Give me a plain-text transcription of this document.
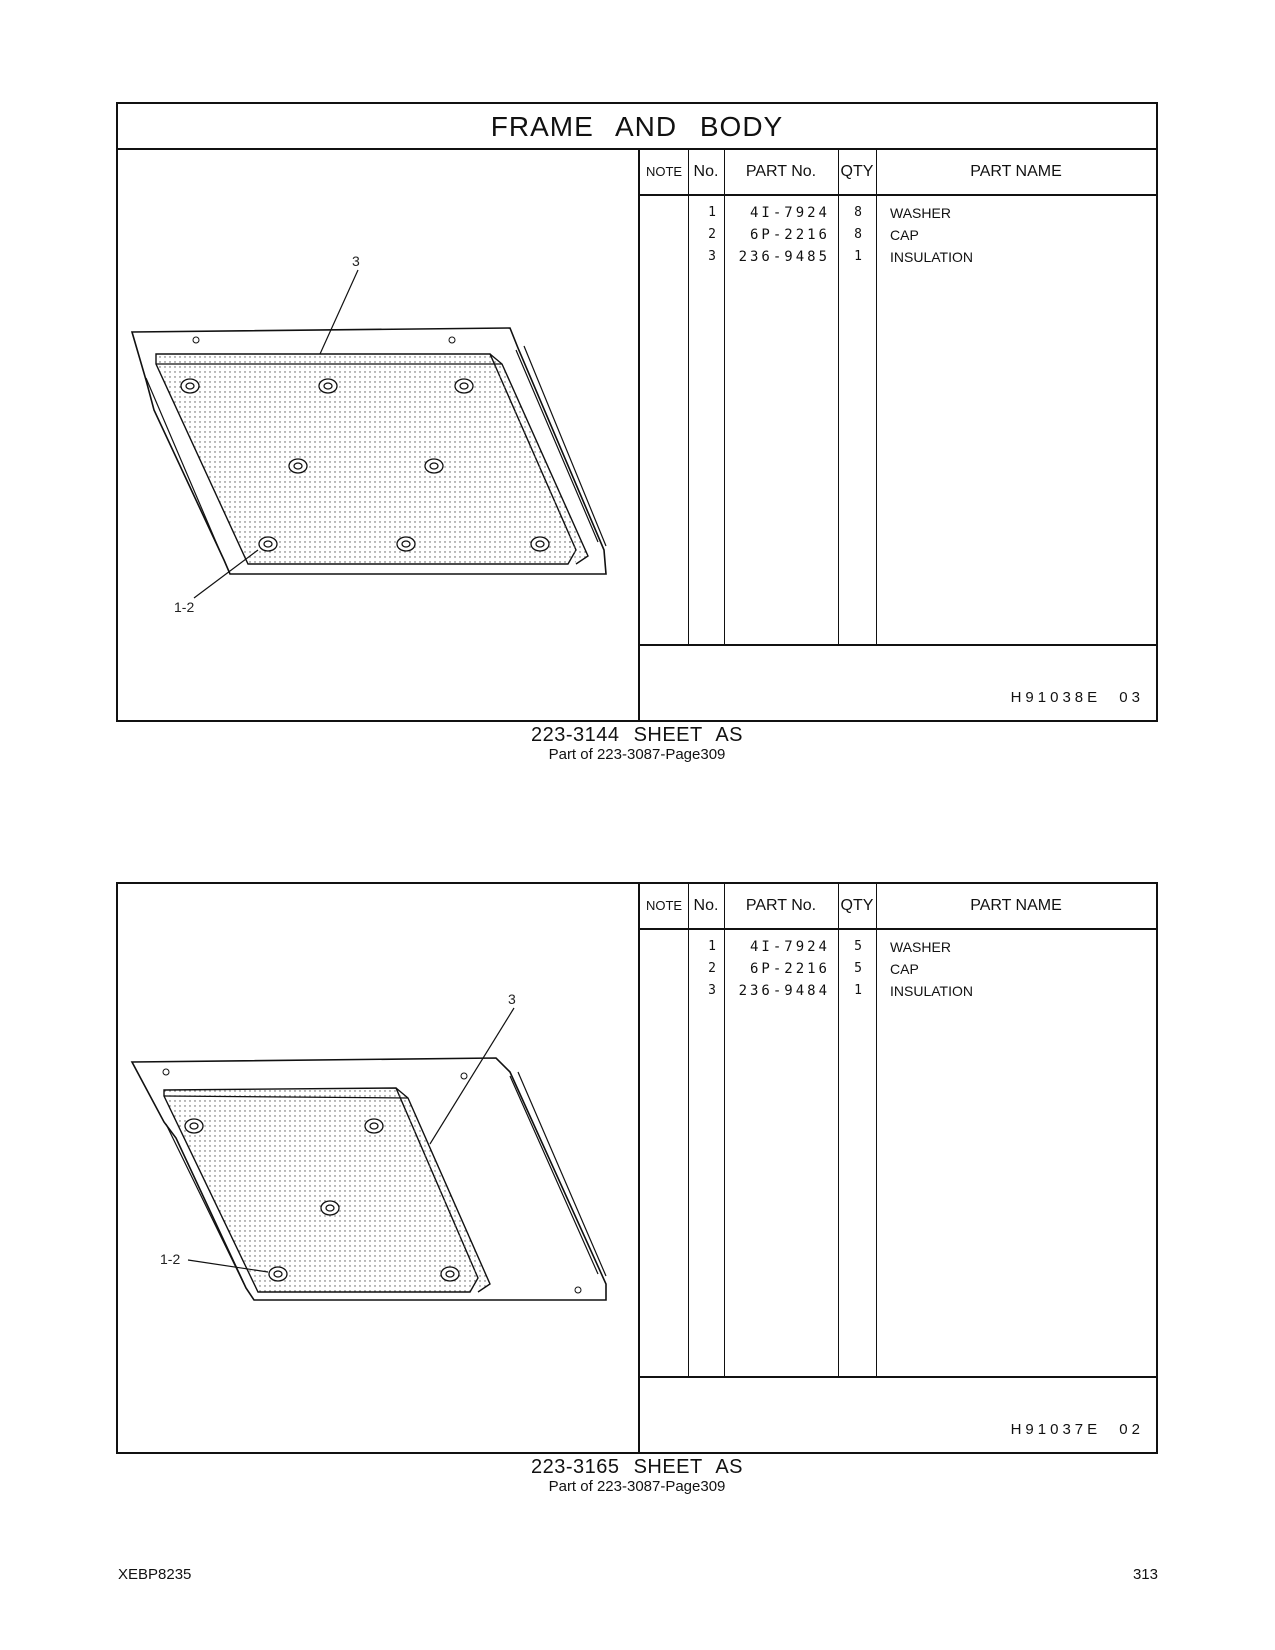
FRAME AND BODY
3
1-2
NOTE No.	PART No.	QTY	PART NAME
1	4I-7924	8 WASHER
2	6P-2216	8 CAP
3	236-9485	1 INSULATION
H91038E 03
223-3144 SHEET AS
Part of 223-3087-Page309
3
1-2
NOTE No.	PART No.	QTY	PART NAME
1	4I-7924	5 WASHER
2	6P-2216	5 CAP
3	236-9484	1 INSULATION
H91037E 02
223-3165 SHEET AS
Part of 223-3087-Page309
XEBP8235	313
